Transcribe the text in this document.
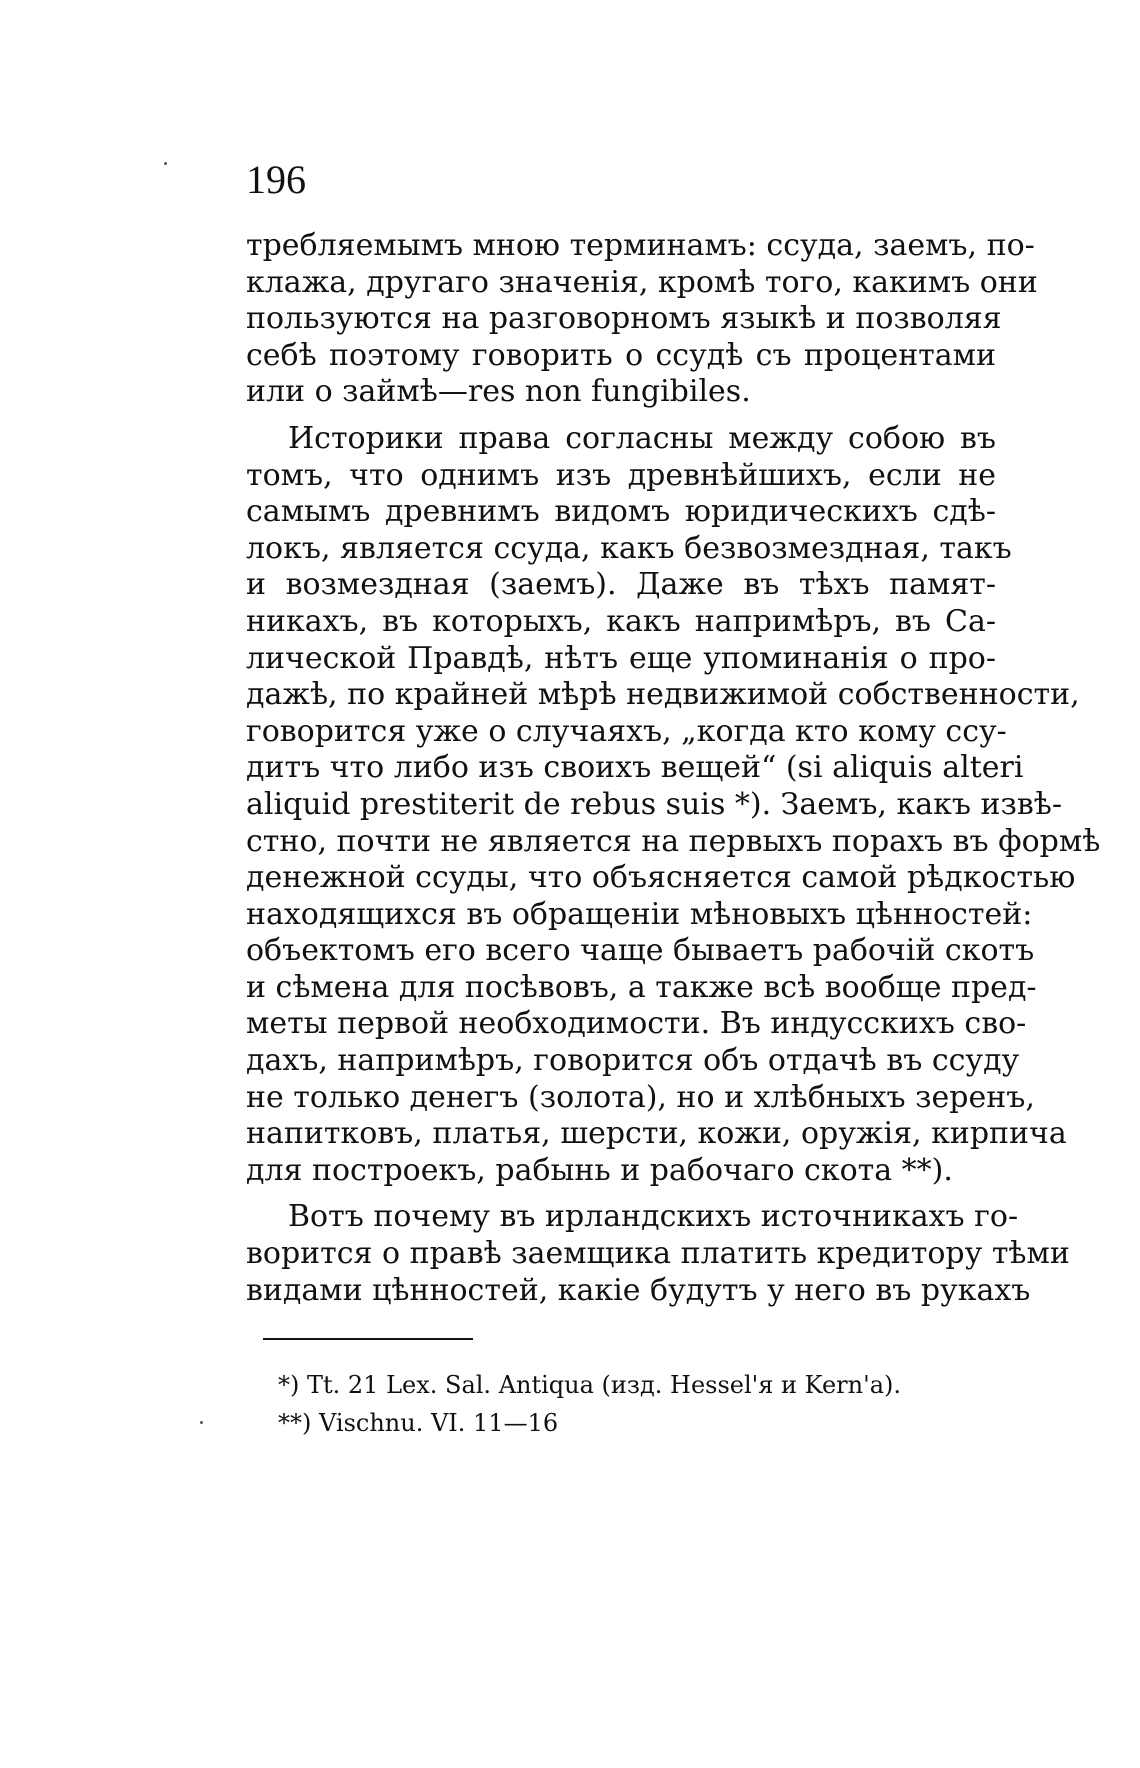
196
требляемымъ мною терминамъ: ссуда, заемъ, по-
клажа, другаго значенія, кромѣ того, какимъ они
пользуются на разговорномъ языкѣ и позволяя
себѣ поэтому говорить о ссудѣ съ процентами
или о займѣ—res non fungibiles.
Историки права согласны между собою въ
томъ, что однимъ изъ древнѣйшихъ, если не
самымъ древнимъ видомъ юридическихъ сдѣ-
локъ, является ссуда, какъ безвозмездная, такъ
и возмездная (заемъ). Даже въ тѣхъ памят-
никахъ, въ которыхъ, какъ напримѣръ, въ Са-
лической Правдѣ, нѣтъ еще упоминанія о про-
дажѣ, по крайней мѣрѣ недвижимой собственности,
говорится уже о случаяхъ, „когда кто кому ссу-
дитъ что либо изъ своихъ вещей“ (si aliquis alteri
aliquid prestiterit de rebus suis *). Заемъ, какъ извѣ-
стно, почти не является на первыхъ порахъ въ формѣ
денежной ссуды, что объясняется самой рѣдкостью
находящихся въ обращеніи мѣновыхъ цѣнностей:
объектомъ его всего чаще бываетъ рабочій скотъ
и сѣмена для посѣвовъ, а также всѣ вообще пред-
меты первой необходимости. Въ индусскихъ сво-
дахъ, напримѣръ, говорится объ отдачѣ въ ссуду
не только денегъ (золота), но и хлѣбныхъ зеренъ,
напитковъ, платья, шерсти, кожи, оружія, кирпича
для построекъ, рабынь и рабочаго скота **).
Вотъ почему въ ирландскихъ источникахъ го-
ворится о правѣ заемщика платить кредитору тѣми
видами цѣнностей, какіе будутъ у него въ рукахъ
*) Tt. 21 Lex. Sal. Antiqua (изд. Hessel'я и Kern'а).
**) Vischnu. VI. 11—16
